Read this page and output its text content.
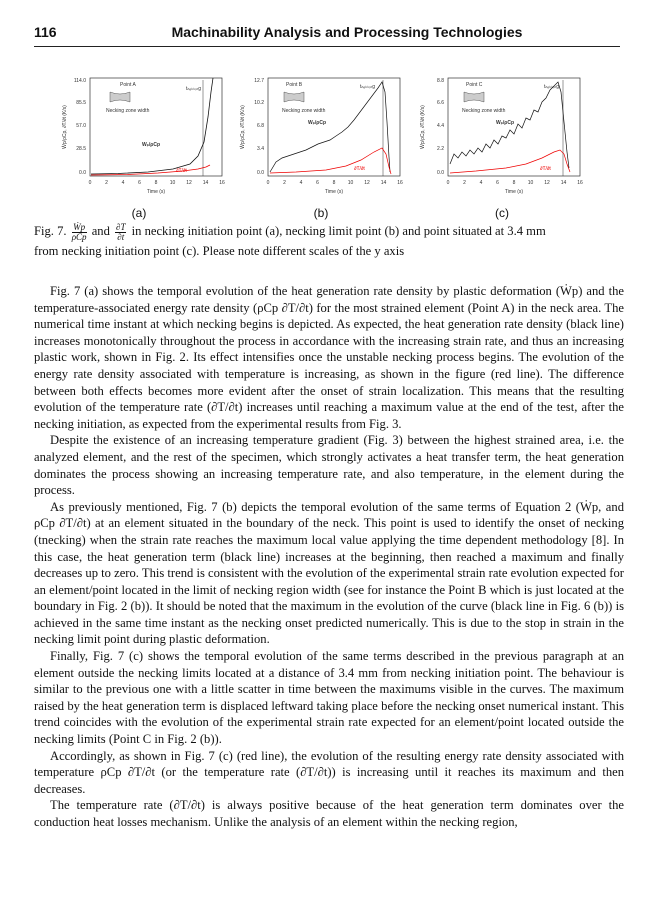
116	Machinability Analysis and Processing Technologies
114.0
85.5
57.0
28.5
0.0
0	2	4	6	8 10 12 14 16
Time (s)
Ẇp/ρCp, ∂T/∂t (K/s)
Point A
tₙₑₖₖᵢₙg
Necking zone width
Wₚ/ρCp
∂T/∂t
12.7
10.2
6.8
3.4
0.0
0	2	4	6	8 10 12 14 16
Time (s)
Ẇp/ρCp, ∂T/∂t (K/s)
Point B	tₙₑₖₖᵢₙg
Necking zone width
Wₚ/ρCp
∂T/∂t
8.8
6.6
4.4
2.2
0.0
0	2	4	6	8 10 12 14 16
Time (s)
Ẇp/ρCp, ∂T/∂t (K/s)
Point C	tₙₑₖₖᵢₙg
Necking zone width
Wₚ/ρCp
∂T/∂t
(a)	(b)	(c)
Fig. 7. $\frac{\text{Ẇp}}{\text{ρCp}}$ and $\frac{\partial T}{\partial t}$ in necking initiation point (a), necking limit point (b) and point situated at 3.4 mm
from necking initiation point (c). Please note different scales of the y axis

Fig. 7 (a) shows the temporal evolution of the heat generation rate density by plastic deformation (Ẇp) and the temperature-associated energy rate density (ρCp ∂T/∂t) for the most strained element (Point A) in the neck area. The numerical time instant at which necking begins is depicted. As expected, the heat generation rate density (black line) increases monotonically throughout the process in accordance with the increasing strain rate, and thus an increasing plastic work, shown in Fig. 2. Its effect intensifies once the unstable necking process begins. The evolution of the energy rate density associated with temperature is increasing, as shown in the figure (red line). The difference between both effects becomes more evident after the onset of strain localization. This means that the resulting evolution of the temperature rate (∂T/∂t) increases until reaching a maximum value at the end of the test, after the necking initiation, as expected from the experimental results from Fig. 3.

Despite the existence of an increasing temperature gradient (Fig. 3) between the highest strained area, i.e. the analyzed element, and the rest of the specimen, which strongly activates a heat transfer term, the heat generation dominates the process showing an increasing temperature rate, and also temperature, in the element during the process.

As previously mentioned, Fig. 7 (b) depicts the temporal evolution of the same terms of Equation 2 (Ẇp, and ρCp ∂T/∂t) at an element situated in the boundary of the neck. This point is used to identify the onset of necking (tnecking) when the strain rate reaches the maximum local value applying the time dependent methodology [8]. In this case, the heat generation term (black line) increases at the beginning, then reached a maximum and finally decreases up to zero. This trend is consistent with the evolution of the experimental strain rate evolution expected for an element/point located in the limit of necking region width (see for instance the Point B which is just located at the boundary in Fig. 2 (b)). It should be noted that the maximum in the evolution of the curve (black line in Fig. 6 (b)) is achieved in the same time instant as the necking onset predicted numerically. This is due to the stop in strain in the necking limit point during plastic deformation.

Finally, Fig. 7 (c) shows the temporal evolution of the same terms described in the previous paragraph at an element outside the necking limits located at a distance of 3.4 mm from necking initiation point. The behaviour is similar to the previous one with a little scatter in time between the maximums visible in the curves. The maximum raised by the heat generation term is displaced leftward taking place before the necking onset numerical instant. This trend coincides with the evolution of the experimental strain rate expected for an element/point located outside the necking limits (Point C in Fig. 2 (b)).

Accordingly, as shown in Fig. 7 (c) (red line), the evolution of the resulting energy rate density associated with temperature ρCp ∂T/∂t (or the temperature rate (∂T/∂t)) is increasing until it reaches its maximum and then decreases.

The temperature rate (∂T/∂t) is always positive because of the heat generation term dominates over the conduction heat losses mechanism. Unlike the analysis of an element within the necking region,
